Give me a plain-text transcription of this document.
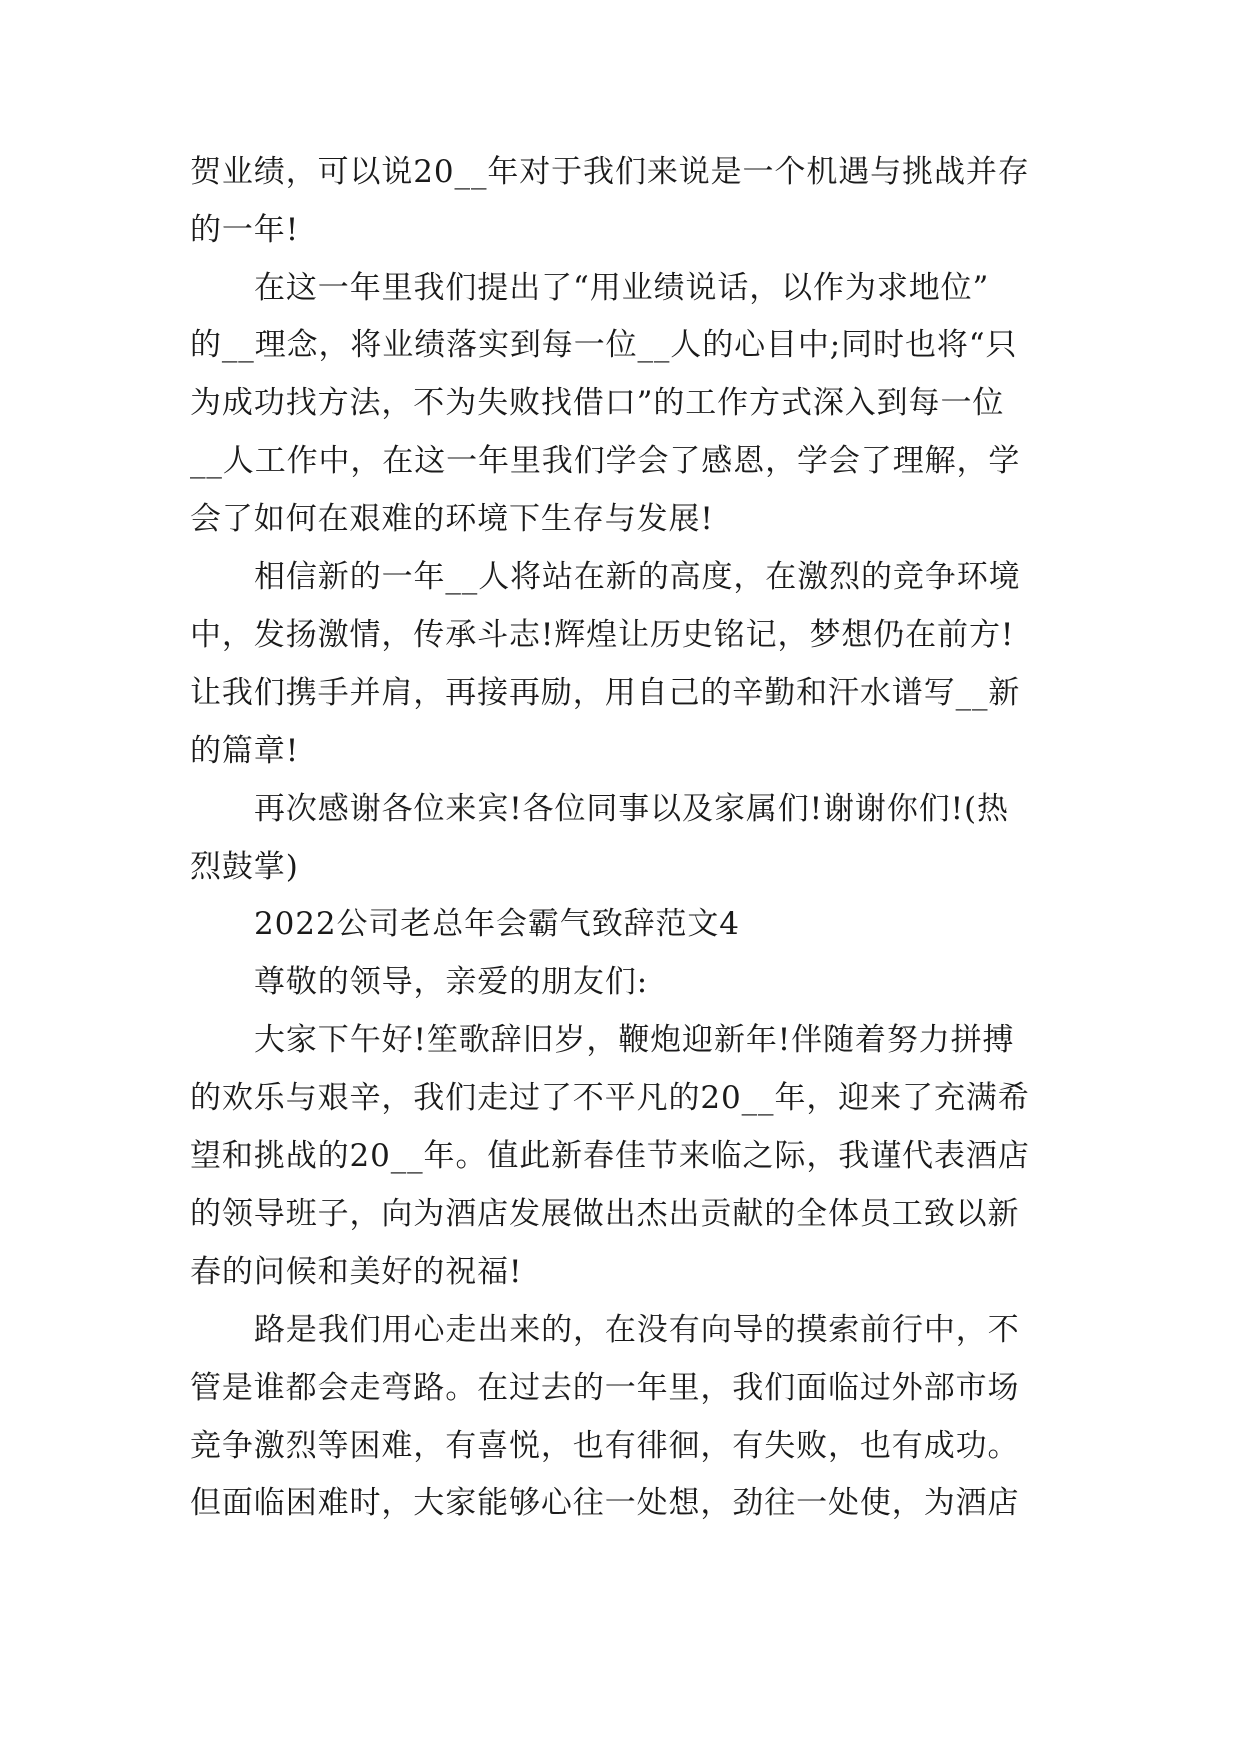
贺业绩，可以说20__年对于我们来说是一个机遇与挑战并存

的一年!

在这一年里我们提出了“用业绩说话，以作为求地位”

的__理念，将业绩落实到每一位__人的心目中;同时也将“只

为成功找方法，不为失败找借口”的工作方式深入到每一位

__人工作中，在这一年里我们学会了感恩，学会了理解，学

会了如何在艰难的环境下生存与发展!

相信新的一年__人将站在新的高度，在激烈的竞争环境

中，发扬激情，传承斗志!辉煌让历史铭记，梦想仍在前方!

让我们携手并肩，再接再励，用自己的辛勤和汗水谱写__新

的篇章!

再次感谢各位来宾!各位同事以及家属们!谢谢你们!(热

烈鼓掌)

2022公司老总年会霸气致辞范文4

尊敬的领导，亲爱的朋友们:

大家下午好!笙歌辞旧岁，鞭炮迎新年!伴随着努力拼搏

的欢乐与艰辛，我们走过了不平凡的20__年，迎来了充满希

望和挑战的20__年。值此新春佳节来临之际，我谨代表酒店

的领导班子，向为酒店发展做出杰出贡献的全体员工致以新

春的问候和美好的祝福!

路是我们用心走出来的，在没有向导的摸索前行中，不

管是谁都会走弯路。在过去的一年里，我们面临过外部市场

竞争激烈等困难，有喜悦，也有徘徊，有失败，也有成功。

但面临困难时，大家能够心往一处想，劲往一处使，为酒店
